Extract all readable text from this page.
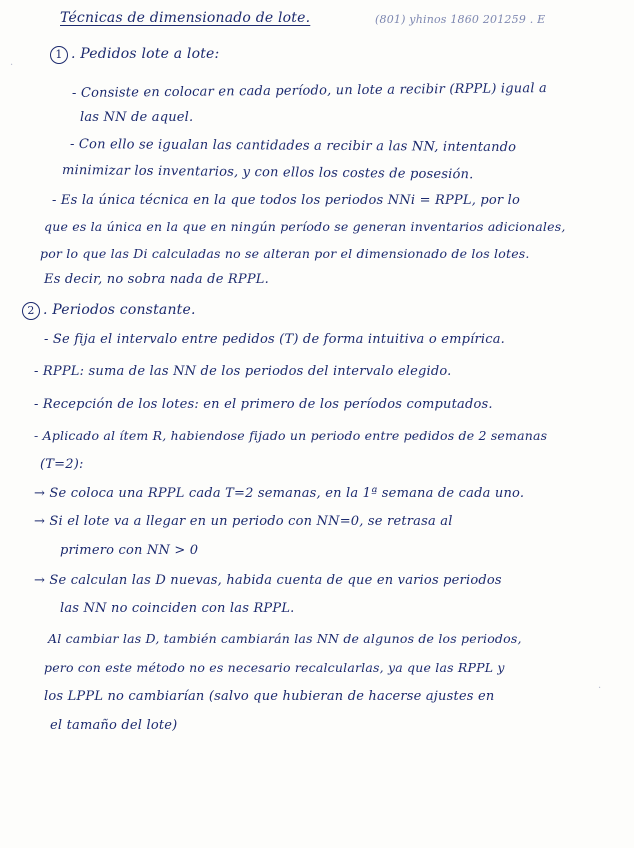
Técnicas de dimensionado de lote.	(801) yhinos 1860 201259 . E
1 . Pedidos lote a lote:
- Consiste en colocar en cada período, un lote a recibir (RPPL) igual a
las NN de aquel.
- Con ello se igualan las cantidades a recibir a las NN, intentando
minimizar los inventarios, y con ellos los costes de posesión.
- Es la única técnica en la que todos los periodos NNi = RPPL, por lo
que es la única en la que en ningún período se generan inventarios adicionales,
por lo que las Di calculadas no se alteran por el dimensionado de los lotes.
Es decir, no sobra nada de RPPL.
2 . Periodos constante.
- Se fija el intervalo entre pedidos (T) de forma intuitiva o empírica.
- RPPL: suma de las NN de los periodos del intervalo elegido.
- Recepción de los lotes: en el primero de los períodos computados.
- Aplicado al ítem R, habiendose fijado un periodo entre pedidos de 2 semanas
(T=2):
→ Se coloca una RPPL cada T=2 semanas, en la 1ª semana de cada uno.
→ Si el lote va a llegar en un periodo con NN=0, se retrasa al
primero con NN > 0
→ Se calculan las D nuevas, habida cuenta de que en varios periodos
las NN no coinciden con las RPPL.
Al cambiar las D, también cambiarán las NN de algunos de los periodos,
pero con este método no es necesario recalcularlas, ya que las RPPL y
los LPPL no cambiarían (salvo que hubieran de hacerse ajustes en
el tamaño del lote)
·
·
